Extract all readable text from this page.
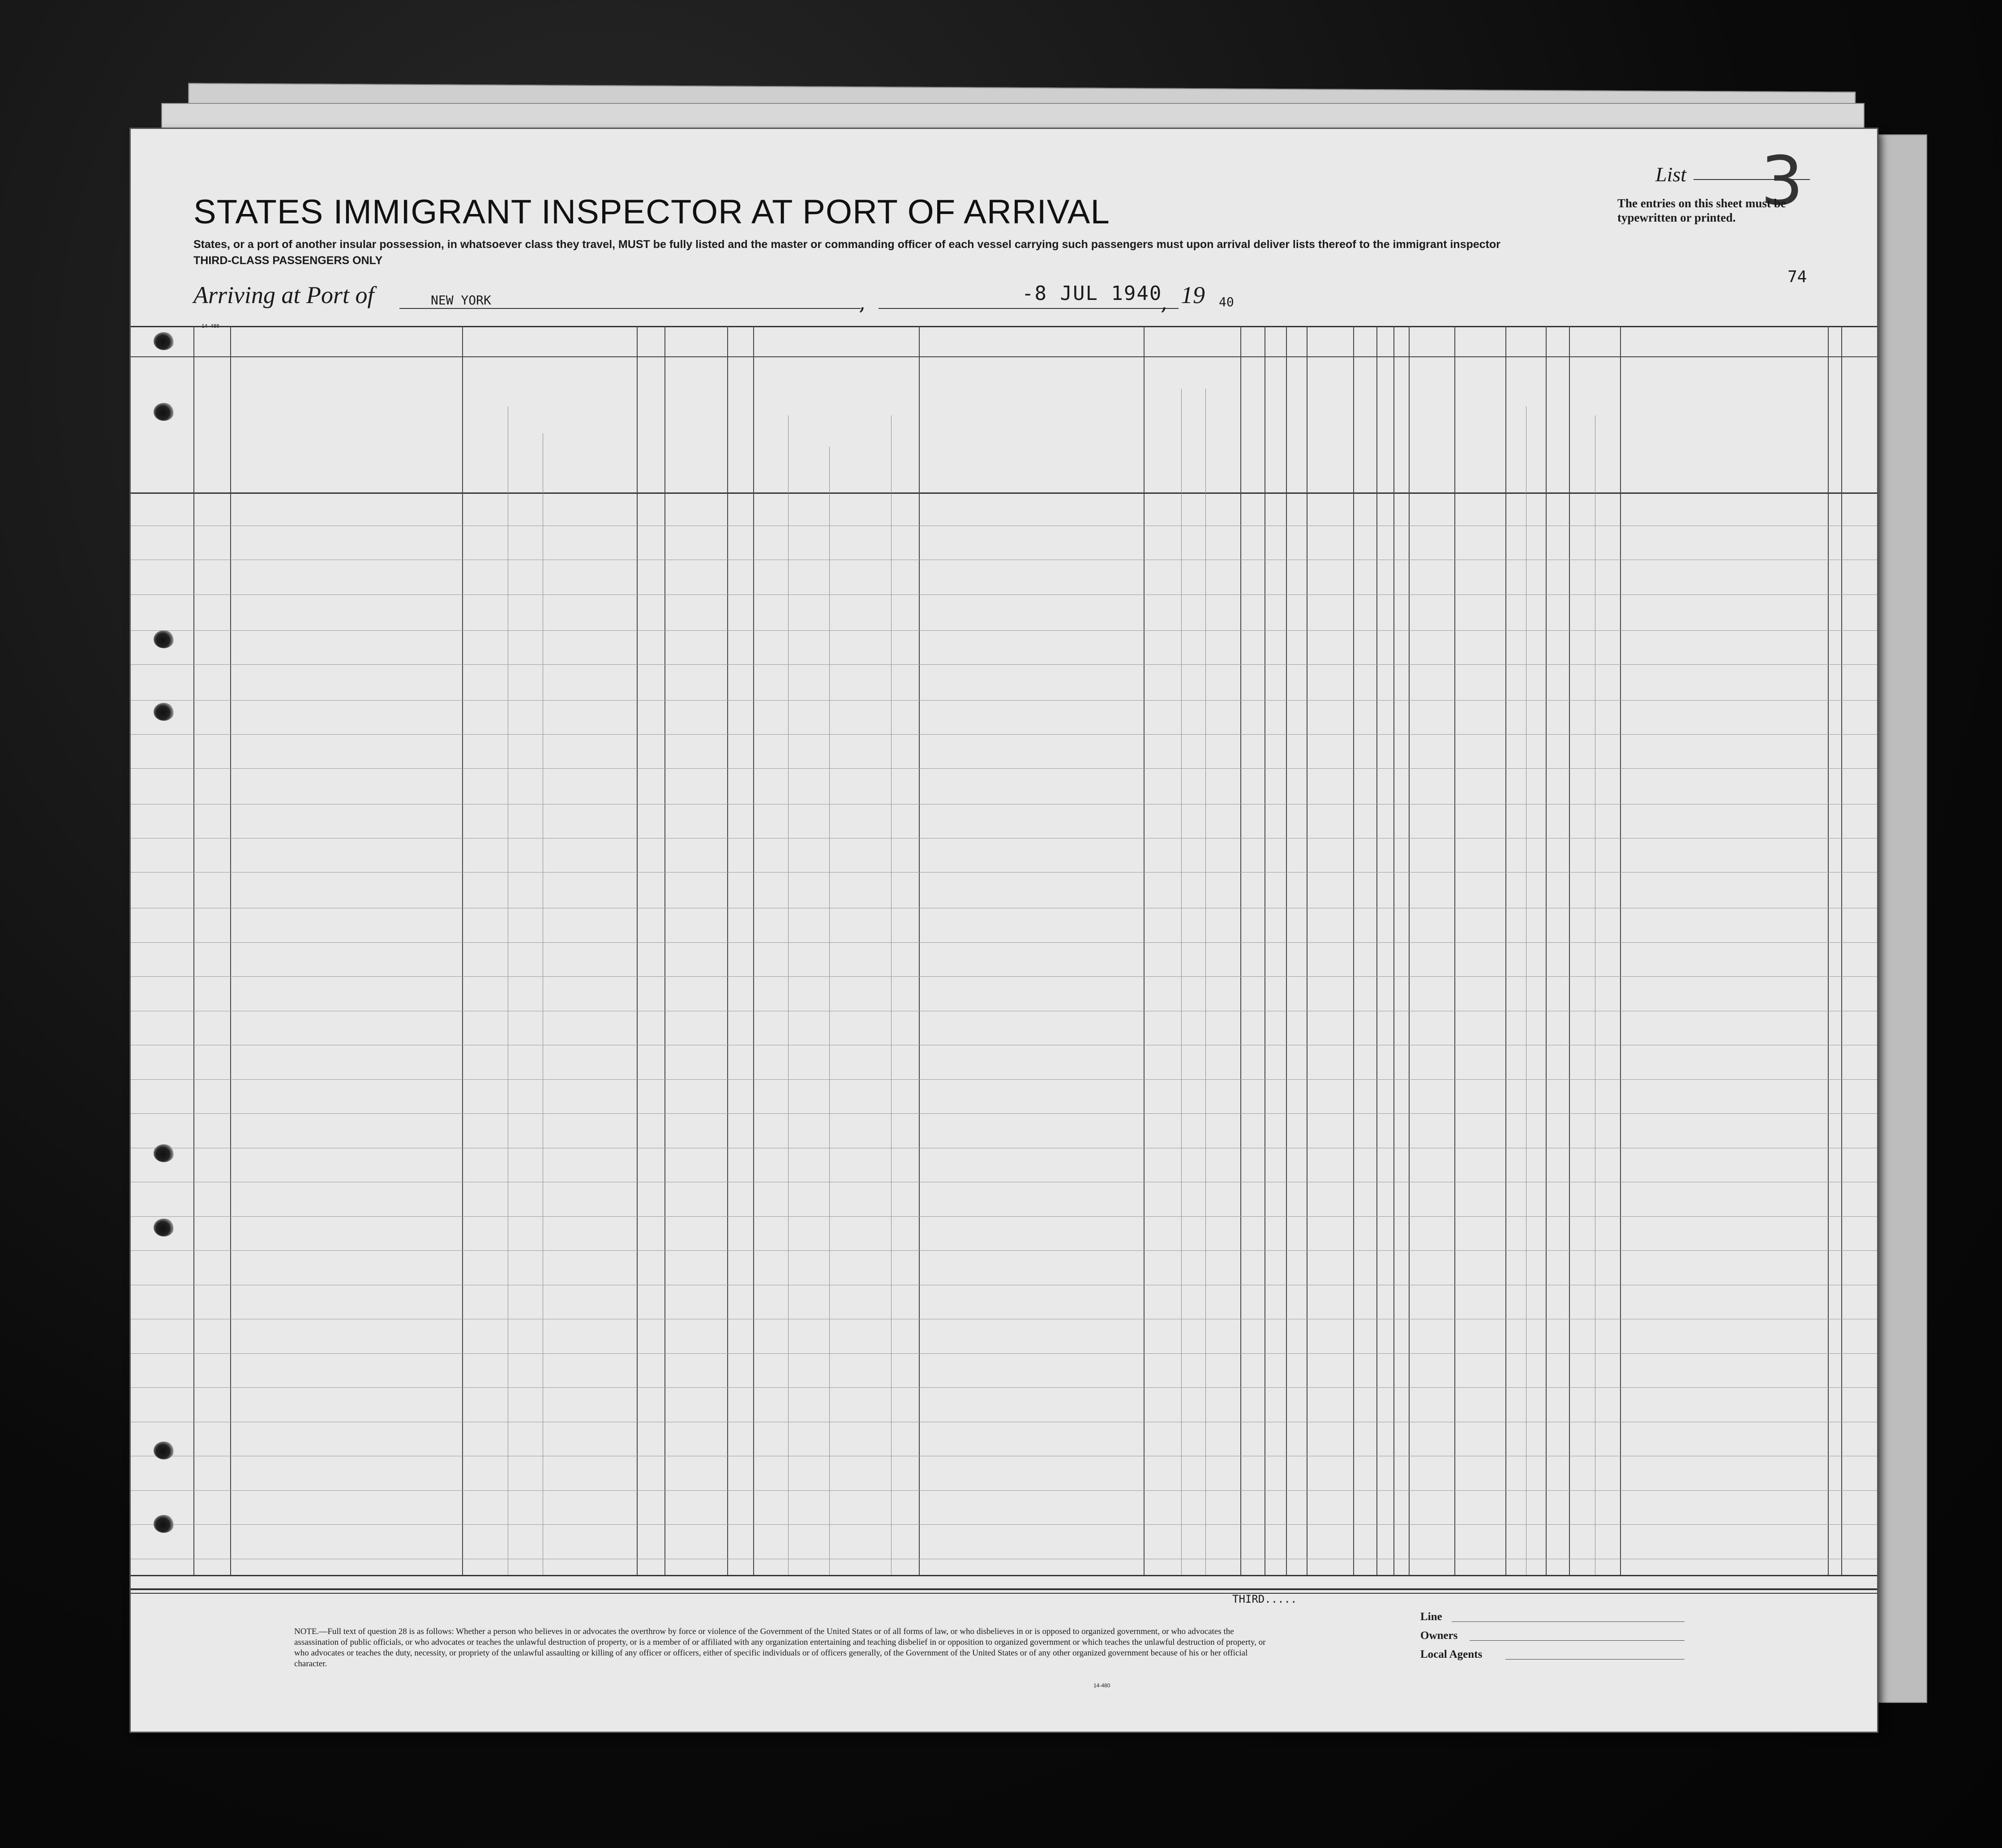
STATES IMMIGRANT INSPECTOR AT PORT OF ARRIVAL
States, or a port of another insular possession, in whatsoever class they travel, MUST be fully listed and the master or commanding officer of each vessel carrying such passengers must upon arrival deliver lists thereof to the immigrant inspector
THIRD-CLASS PASSENGERS ONLY
Arriving at Port of	NEW YORK	,	-8 JUL 1940
, 19 40
List 3
The entries on this sheet must be typewritten or printed.
74
NOTE.—Full text of question 28 is as follows: Whether a person who believes in or advocates the overthrow by force or violence of the Government of the United States or of all forms of law, or who disbelieves in or is opposed to organized government, or who advocates the assassination of public officials, or who advocates or teaches the unlawful destruction of property, or is a member of or affiliated with any organization entertaining and teaching disbelief in or opposition to organized government or which teaches the unlawful destruction of property, or who advocates or teaches the duty, necessity, or propriety of the unlawful assaulting or killing of any officer or officers, either of specific individuals or of officers generally, of the Government of the United States or of any other organized government because of his or her official character.
THIRD.....
Line
Owners
Local Agents
14-480
